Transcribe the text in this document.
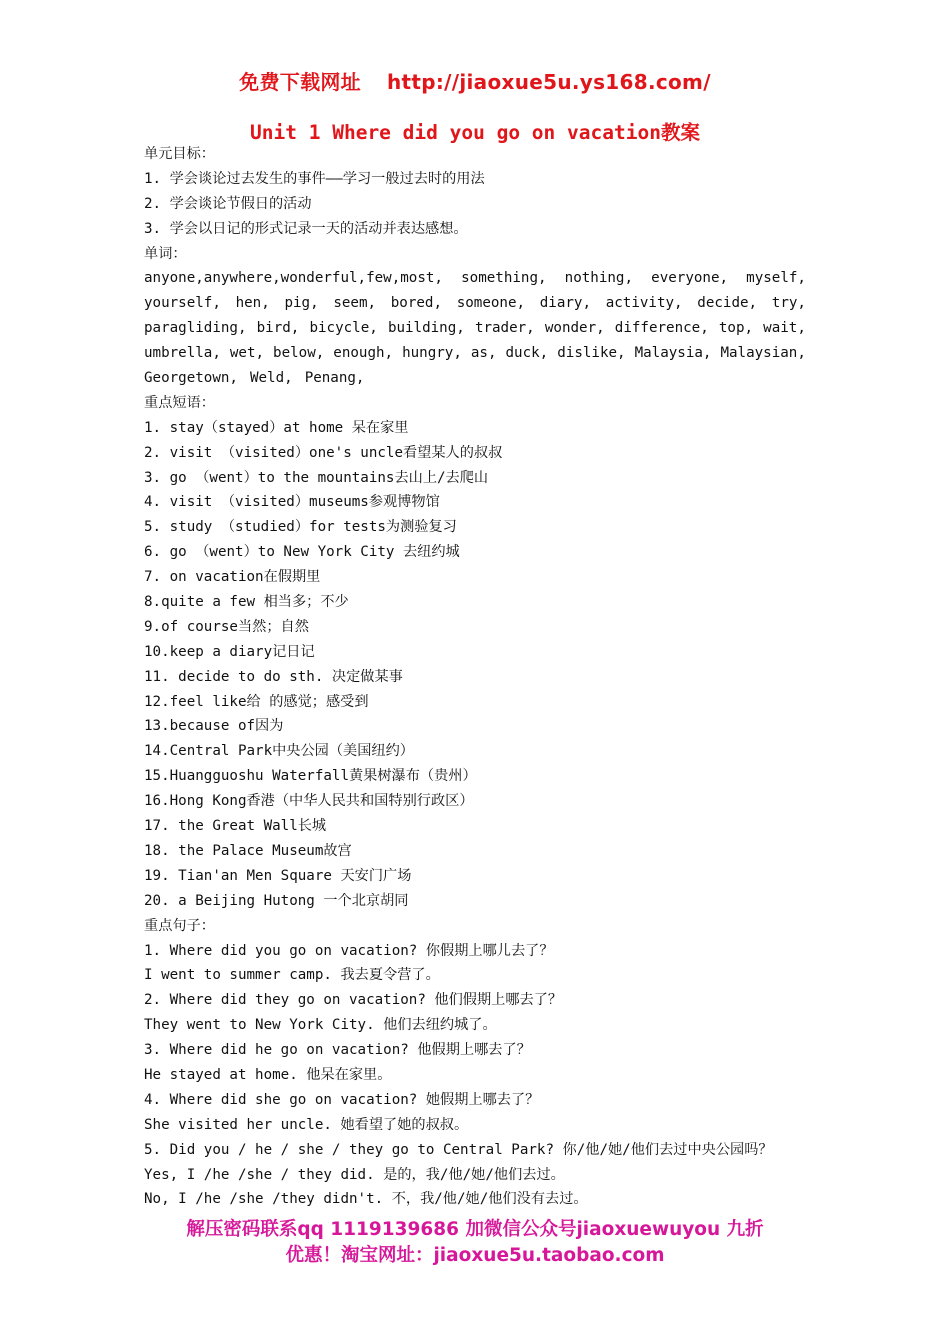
免费下载网址 http://jiaoxue5u.ys168.com/
Unit 1 Where did you go on vacation教案
单元目标：
1. 学会谈论过去发生的事件——学习一般过去时的用法
2. 学会谈论节假日的活动
3. 学会以日记的形式记录一天的活动并表达感想。
单词：
anyone,anywhere,wonderful,few,most, something, nothing, everyone, myself,
yourself, hen, pig, seem, bored, someone, diary, activity, decide, try,
paragliding, bird, bicycle, building, trader, wonder, difference, top, wait,
umbrella, wet, below, enough, hungry, as, duck, dislike, Malaysia, Malaysian,
Georgetown, Weld, Penang,
重点短语：
1. stay（stayed）at home 呆在家里
2. visit （visited）one's uncle看望某人的叔叔
3. go （went）to the mountains去山上/去爬山
4. visit （visited）museums参观博物馆
5. study （studied）for tests为测验复习
6. go （went）to New York City 去纽约城
7. on vacation在假期里
8.quite a few 相当多；不少
9.of course当然；自然
10.keep a diary记日记
11. decide to do sth. 决定做某事
12.feel like给 的感觉；感受到
13.because of因为
14.Central Park中央公园（美国纽约）
15.Huangguoshu Waterfall黄果树瀑布（贵州）
16.Hong Kong香港（中华人民共和国特别行政区）
17. the Great Wall长城
18. the Palace Museum故宫
19. Tian'an Men Square 天安门广场
20. a Beijing Hutong 一个北京胡同
重点句子：
1. Where did you go on vacation? 你假期上哪儿去了？
I went to summer camp. 我去夏令营了。
2. Where did they go on vacation? 他们假期上哪去了？
They went to New York City. 他们去纽约城了。
3. Where did he go on vacation? 他假期上哪去了？
He stayed at home. 他呆在家里。
4. Where did she go on vacation? 她假期上哪去了？
She visited her uncle. 她看望了她的叔叔。
5. Did you / he / she / they go to Central Park? 你/他/她/他们去过中央公园吗？
Yes, I /he /she / they did. 是的，我/他/她/他们去过。
No, I /he /she /they didn't. 不，我/他/她/他们没有去过。
解压密码联系qq 1119139686 加微信公众号jiaoxuewuyou 九折
优惠！淘宝网址：jiaoxue5u.taobao.com
